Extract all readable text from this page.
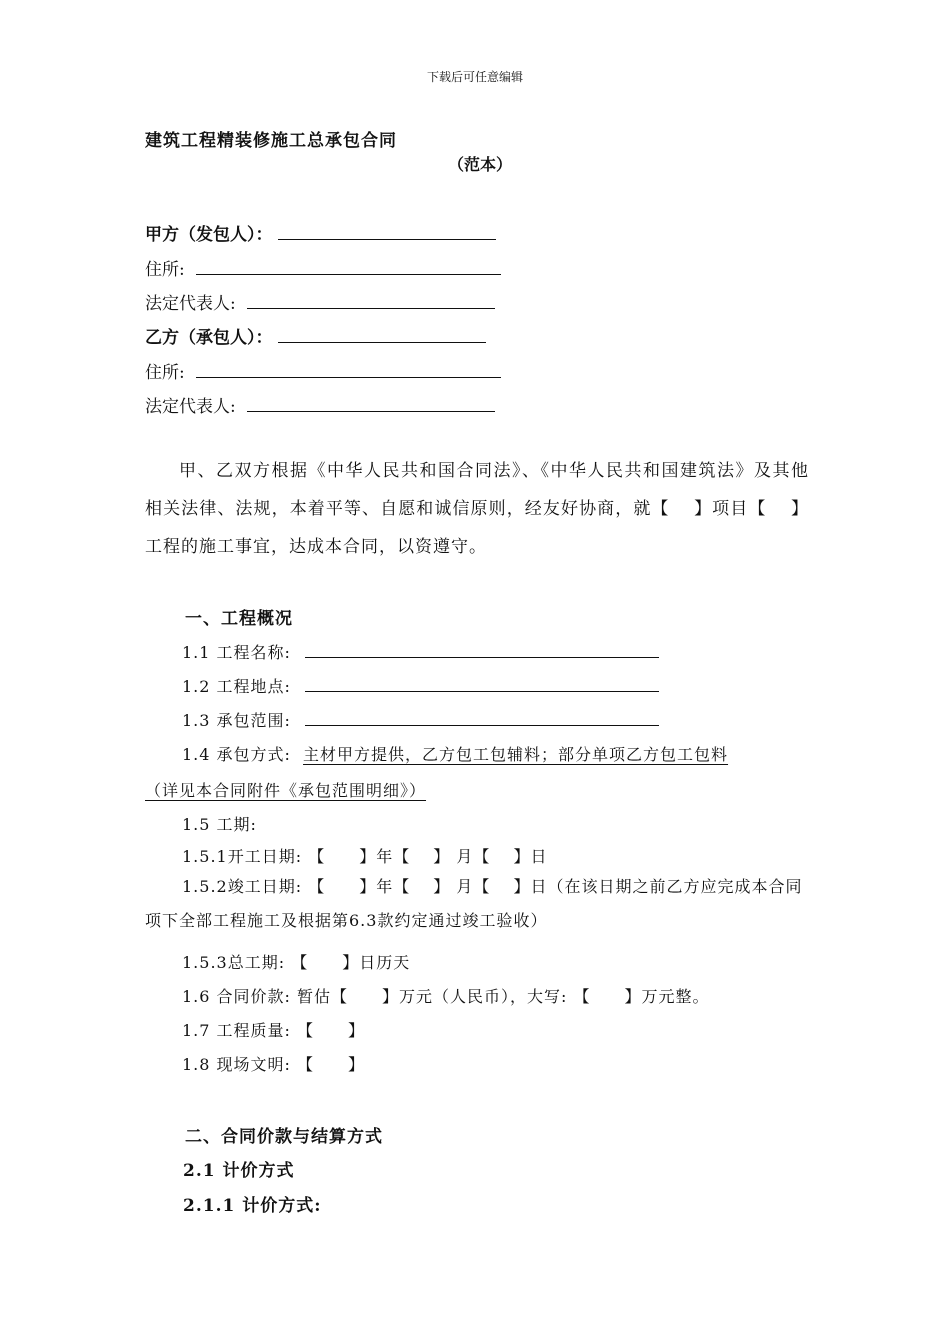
下载后可任意编辑
建筑工程精装修施工总承包合同
（范本）
甲方（发包人）：
住所:
法定代表人:
乙方（承包人）：
住所:
法定代表人:
甲、乙双方根据《中华人民共和国合同法》、《中华人民共和国建筑法》及其他相关法律、法规，本着平等、自愿和诚信原则，经友好协商，就【　 】项目【　 】工程的施工事宜，达成本合同，以资遵守。
一、工程概况
1.1 工程名称:
1.2 工程地点:
1.3 承包范围:
1.4 承包方式: 主材甲方提供，乙方包工包辅料；部分单项乙方包工包料
（详见本合同附件《承包范围明细》）
1.5 工期:
1.5.1开工日期: 【　　】年【　 】 月【　 】日
1.5.2竣工日期: 【　　】年【　 】 月【　 】日（在该日期之前乙方应完成本合同项下全部工程施工及根据第6.3款约定通过竣工验收）
1.5.3总工期: 【　　】日历天
1.6 合同价款: 暂估【　　】万元（人民币），大写: 【　　】万元整。
1.7 工程质量: 【　　】
1.8 现场文明: 【　　】
二、合同价款与结算方式
2.1 计价方式
2.1.1 计价方式:
